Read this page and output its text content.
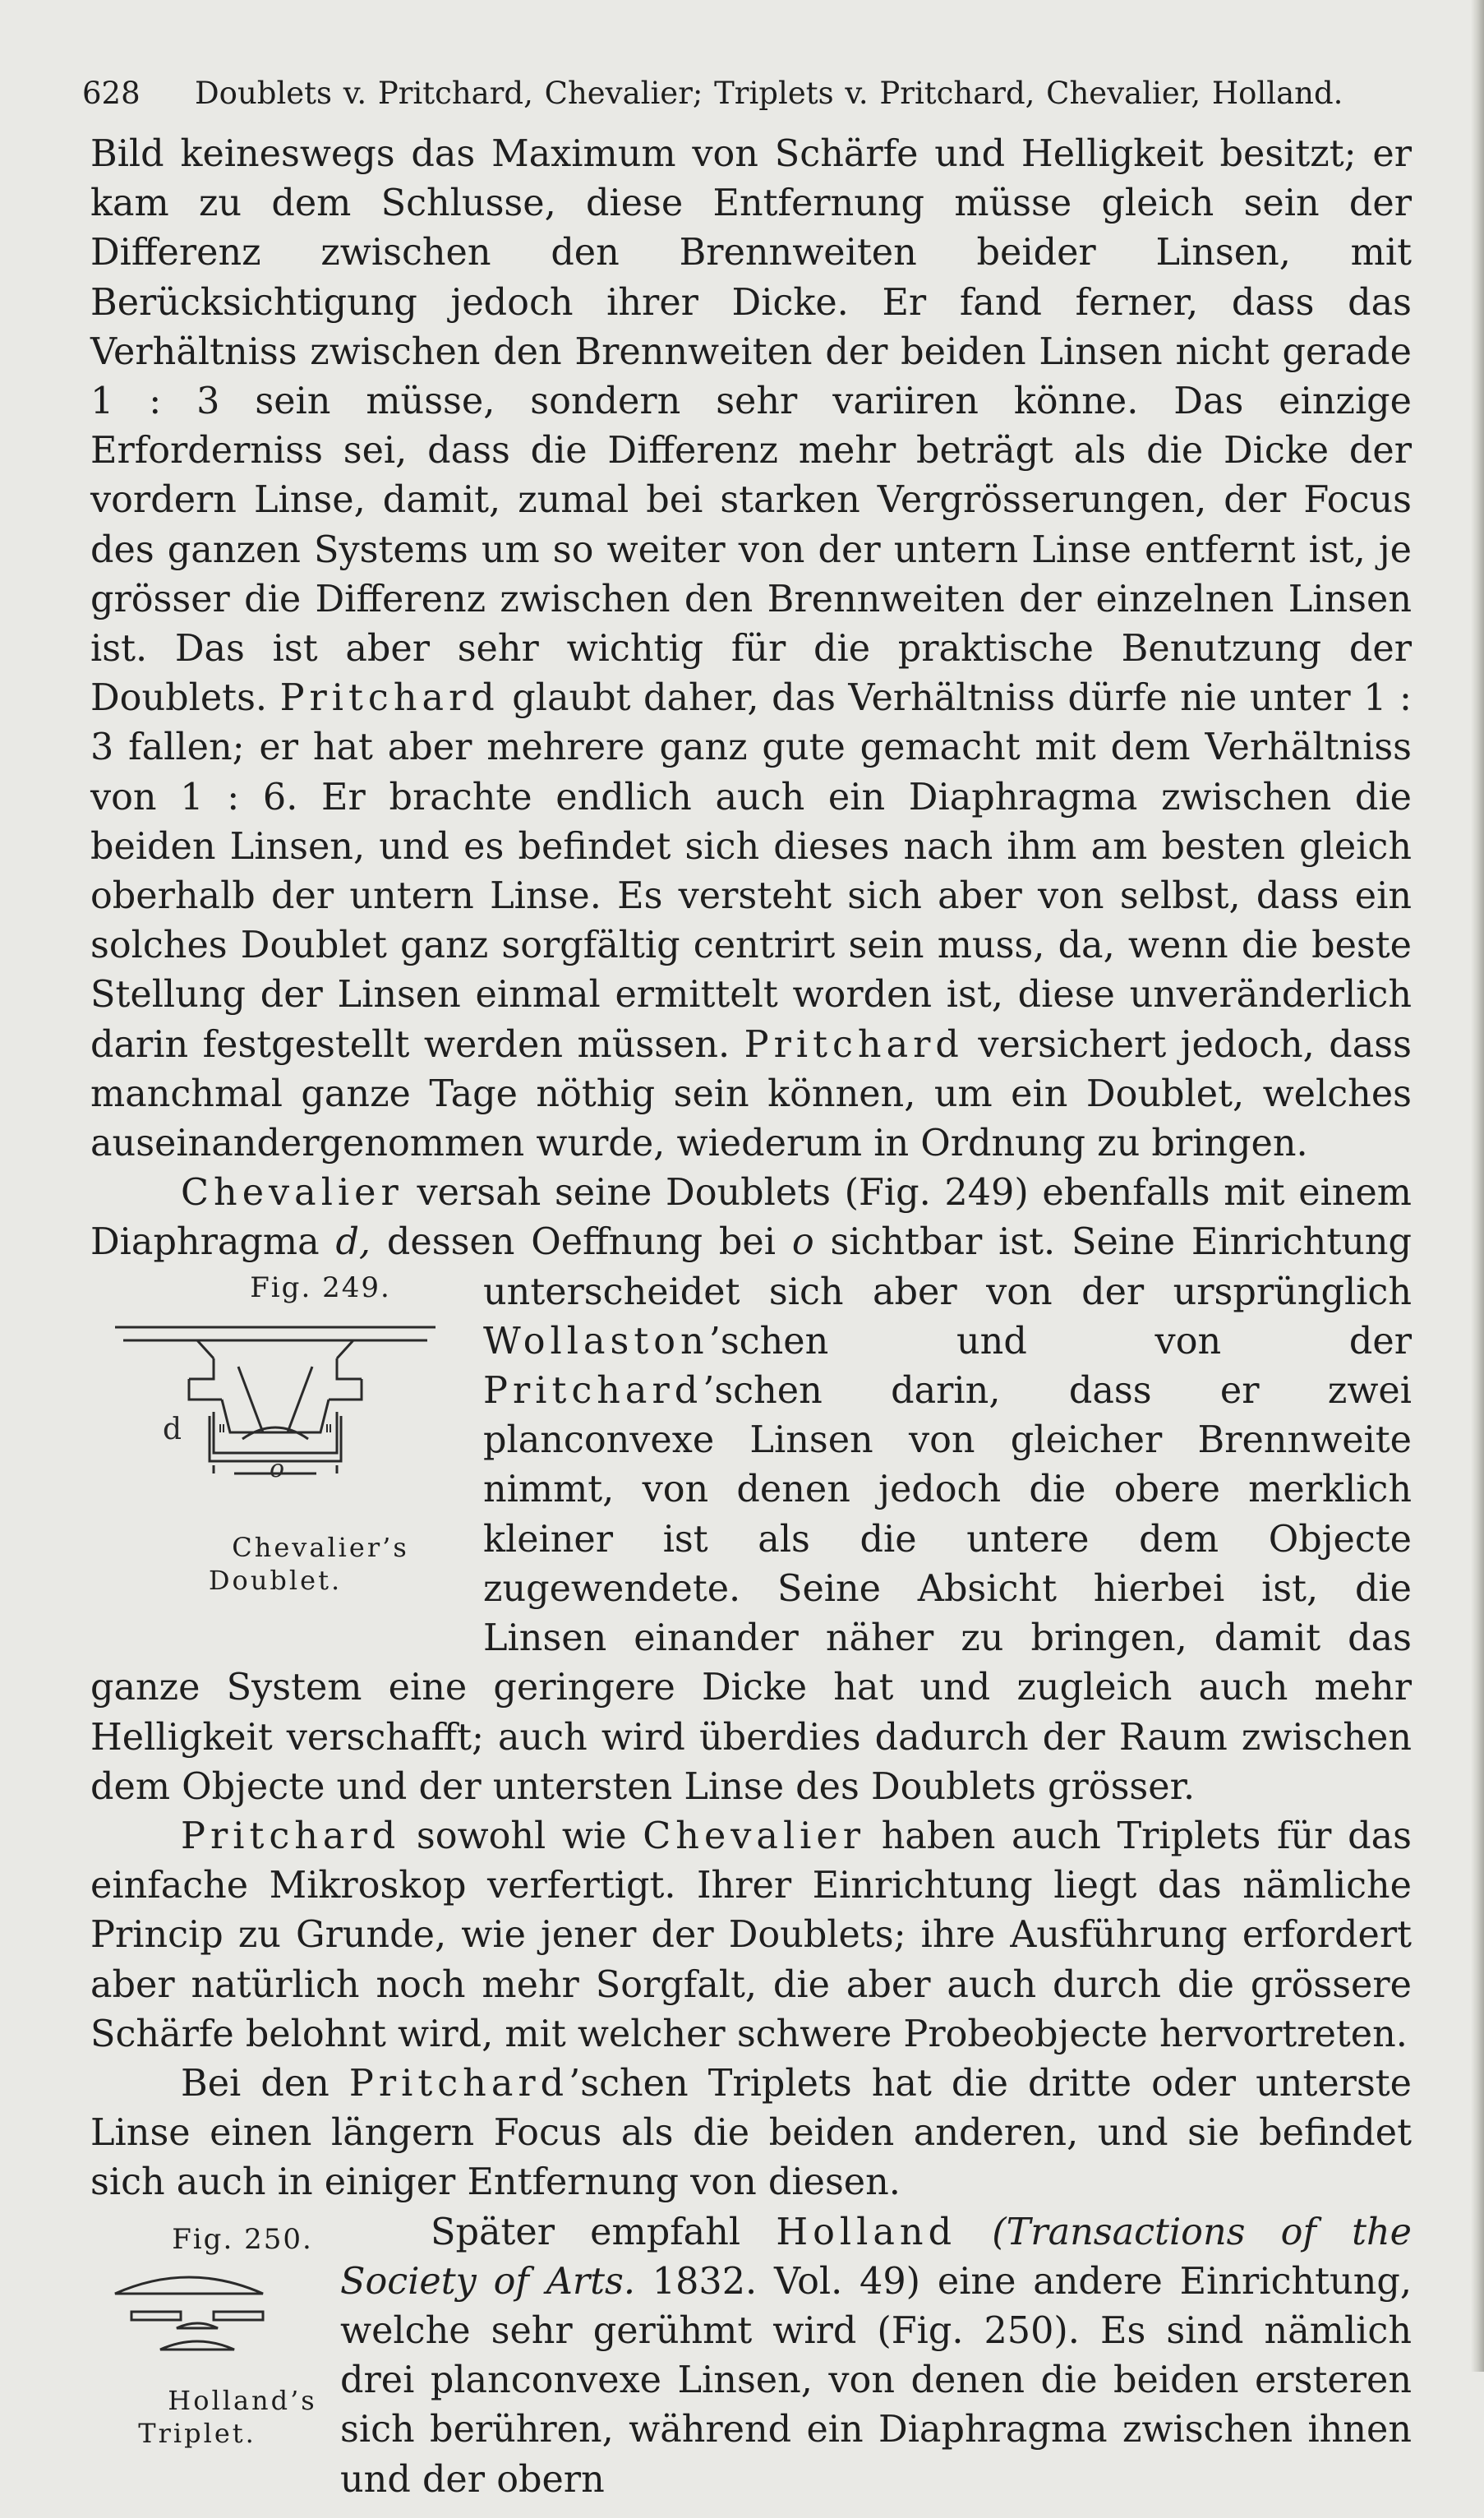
628 Doublets v. Pritchard, Chevalier; Triplets v. Pritchard, Chevalier, Holland.

Bild keineswegs das Maximum von Schärfe und Helligkeit besitzt; er kam zu dem Schlusse, diese Entfernung müsse gleich sein der Differenz zwischen den Brennweiten beider Linsen, mit Berücksichtigung jedoch ihrer Dicke. Er fand ferner, dass das Verhältniss zwischen den Brennweiten der beiden Linsen nicht gerade 1 : 3 sein müsse, sondern sehr variiren könne. Das einzige Erforderniss sei, dass die Differenz mehr beträgt als die Dicke der vordern Linse, damit, zumal bei starken Vergrösserungen, der Focus des ganzen Systems um so weiter von der untern Linse entfernt ist, je grösser die Differenz zwischen den Brennweiten der einzelnen Linsen ist. Das ist aber sehr wichtig für die praktische Benutzung der Doublets. Pritchard glaubt daher, das Verhältniss dürfe nie unter 1 : 3 fallen; er hat aber mehrere ganz gute gemacht mit dem Verhältniss von 1 : 6. Er brachte endlich auch ein Diaphragma zwischen die beiden Linsen, und es befindet sich dieses nach ihm am besten gleich oberhalb der untern Linse. Es versteht sich aber von selbst, dass ein solches Doublet ganz sorgfältig centrirt sein muss, da, wenn die beste Stellung der Linsen einmal ermittelt worden ist, diese unveränderlich darin festgestellt werden müssen. Pritchard versichert jedoch, dass manchmal ganze Tage nöthig sein können, um ein Doublet, welches auseinandergenommen wurde, wiederum in Ordnung zu bringen.

Chevalier versah seine Doublets (Fig. 249) ebenfalls mit einem Diaphragma d, dessen Oeffnung bei o sichtbar ist. Seine Einrichtung unterscheidet sich aber von der ursprünglich
Fig. 249.
d
o
Chevalier’s Doublet.
Wollaston’schen und von der Pritchard’schen darin, dass er zwei planconvexe Linsen von gleicher Brennweite nimmt, von denen jedoch die obere merklich kleiner ist als die untere dem Objecte zugewendete. Seine Absicht hierbei ist, die Linsen einander näher zu bringen, damit das ganze System eine geringere Dicke hat und zugleich auch mehr Helligkeit verschafft; auch wird überdies dadurch der Raum zwischen dem Objecte und der untersten Linse des Doublets grösser.

Pritchard sowohl wie Chevalier haben auch Triplets für das einfache Mikroskop verfertigt. Ihrer Einrichtung liegt das nämliche Princip zu Grunde, wie jener der Doublets; ihre Ausführung erfordert aber natürlich noch mehr Sorgfalt, die aber auch durch die grössere Schärfe belohnt wird, mit welcher schwere Probeobjecte hervortreten.

Bei den Pritchard’schen Triplets hat die dritte oder unterste Linse einen längern Focus als die beiden anderen, und sie befindet sich auch in einiger Entfernung von diesen.

Fig. 250.
Holland’s Triplet.
Später empfahl Holland (Transactions of the Society of Arts. 1832. Vol. 49) eine andere Einrichtung, welche sehr gerühmt wird (Fig. 250). Es sind nämlich drei planconvexe Linsen, von denen die beiden ersteren sich berühren, während ein Diaphragma zwischen ihnen und der obern
